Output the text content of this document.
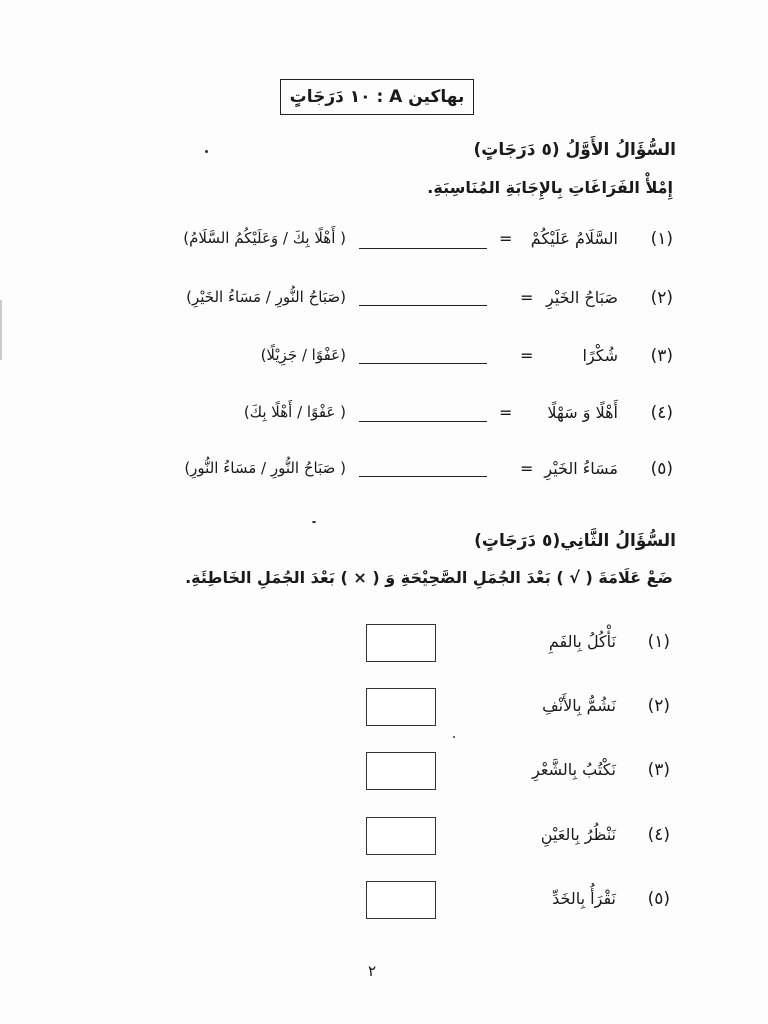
بهاكين A : ١٠ دَرَجَاتٍ
السُّؤَالُ الأَوَّلُ (٥ دَرَجَاتٍ)
إِمْلأْ الفَرَاغَاتِ بِالإِجَابَةِ المُنَاسِبَةِ.
(١)
السَّلَامُ عَلَيْكُمْ
=
( أَهْلًا بِكَ / وَعَلَيْكُمُ السَّلَامُ)
(٢)
صَبَاحُ الخَيْرِ
=
(صَبَاحُ النُّورِ / مَسَاءُ الخَيْرِ)
(٣)
شُكْرًا
=
(عَفْوًا / جَزِيْلًا)
(٤)
أَهْلًا وَ سَهْلًا
=
( عَفْوًا / أَهْلًا بِكَ)
(٥)
مَسَاءُ الخَيْرِ
=
( صَبَاحُ النُّورِ / مَسَاءُ النُّورِ)
السُّؤَالُ الثَّانِي(٥ دَرَجَاتٍ)
ضَعْ عَلَامَةَ ( √ ) بَعْدَ الجُمَلِ الصَّحِيْحَةِ وَ ( × ) بَعْدَ الجُمَلِ الخَاطِئَةِ.
(١)
نَأْكُلُ بِالفَمِ
(٢)
نَشُمُّ بِالأَنْفِ
(٣)
نَكْتُبُ بِالشَّعْرِ
(٤)
نَنْظُرُ بِالعَيْنِ
(٥)
نَقْرَأُ بِالخَدِّ
٢
